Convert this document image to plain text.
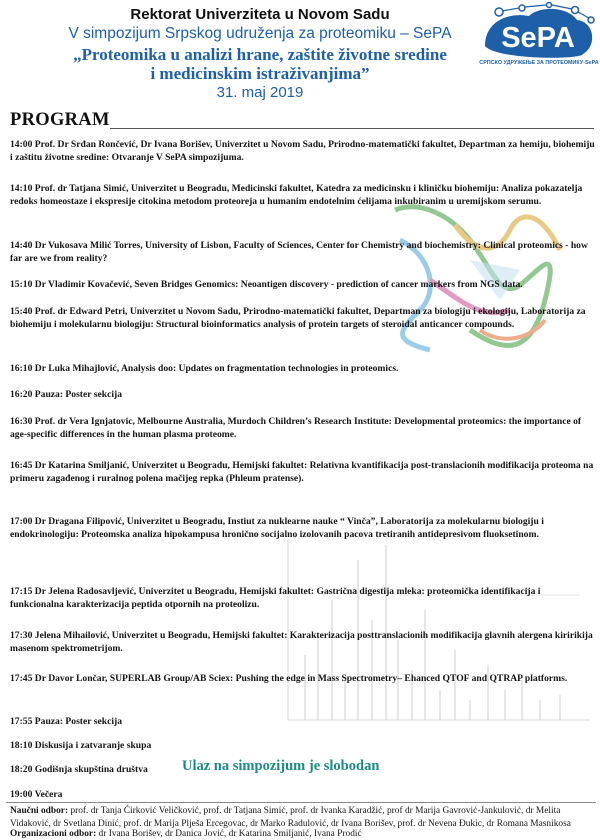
Rektorat Univerziteta u Novom Sadu
V simpozijum Srpskog udruženja za proteomiku – SePA
„Proteomika u analizi hrane, zaštite životne sredine
i medicinskim istraživanjima”
31. maj 2019
SePA
СРПСКО УДРУЖЕЊЕ ЗА ПРОТЕОМИКУ-SePA
PROGRAM
14:00 Prof. Dr Srđan Rončević, Dr Ivana Borišev, Univerzitet u Novom Sadu, Prirodno-matematički fakultet, Departman za hemiju, biohemiju i zaštitu životne sredine: Otvaranje V SePA simpozijuma.
14:10 Prof. dr Tatjana Simić, Univerzitet u Beogradu, Medicinski fakultet, Katedra za medicinsku i kliničku biohemiju: Analiza pokazatelja redoks homeostaze i ekspresije citokina metodom proteoreja u humanim endotelnim ćelijama inkubiranim u uremijskom serumu.
14:40 Dr Vukosava Milić Torres, University of Lisbon, Faculty of Sciences, Center for Chemistry and biochemistry: Clinical proteomics - how far are we from reality?
15:10 Dr Vladimir Kovačević, Seven Bridges Genomics: Neoantigen discovery - prediction of cancer markers from NGS data.
15:40 Prof. dr Edward Petri, Univerzitet u Novom Sadu, Prirodno-matematički fakultet, Departman za biologiju i ekologiju, Laboratorija za biohemiju i molekularnu biologiju: Structural bioinformatics analysis of protein targets of steroidal anticancer compounds.
16:10 Dr Luka Mihajlović, Analysis doo: Updates on fragmentation technologies in proteomics.
16:20 Pauza: Poster sekcija
16:30 Prof. dr Vera Ignjatovic, Melbourne Australia, Murdoch Children’s Research Institute: Developmental proteomics: the importance of age-specific differences in the human plasma proteome.
16:45 Dr Katarina Smiljanić, Univerzitet u Beogradu, Hemijski fakultet: Relativna kvantifikacija post-translacionih modifikacija proteoma na primeru zagađenog i ruralnog polena mačijeg repka (Phleum pratense).
17:00 Dr Dragana Filipović, Univerzitet u Beogradu, Instiut za nuklearne nauke “ Vinča”, Laboratorija za molekularnu biologiju i endokrinologiju: Proteomska analiza hipokampusa hronično socijalno izolovanih pacova tretiranih antidepresivom fluoksetinom.
17:15 Dr Jelena Radosavljević, Univerzitet u Beogradu, Hemijski fakultet: Gastrična digestija mleka: proteomička identifikacija i funkcionalna karakterizacija peptida otpornih na proteolizu.
17:30 Jelena Mihailović, Univerzitet u Beogradu, Hemijski fakultet: Karakterizacija posttranslacionih modifikacija glavnih alergena kiririkija masenom spektrometrijom.
17:45 Dr Davor Lončar, SUPERLAB Group/AB Sciex: Pushing the edge in Mass Spectrometry– Ehanced QTOF and QTRAP platforms.
17:55 Pauza: Poster sekcija
18:10 Diskusija i zatvaranje skupa
18:20 Godišnja skupština društva
19:00 Večera
Ulaz na simpozijum je slobodan
Naučni odbor: prof. dr Tanja Ćirković Veličković, prof. dr Tatjana Simić, prof. dr Ivanka Karadžić, prof dr Marija Gavrović-Jankulović, dr Melita Vidaković, dr Svetlana Dinić, prof. dr Marija Plješa Ercegovac, dr Marko Radulović, dr Ivana Borišev, prof. dr Nevena Đukic, dr Romana Masnikosa
Organizacioni odbor: dr Ivana Borišev, dr Danica Jović, dr Katarina Smiljanić, Ivana Prodić
